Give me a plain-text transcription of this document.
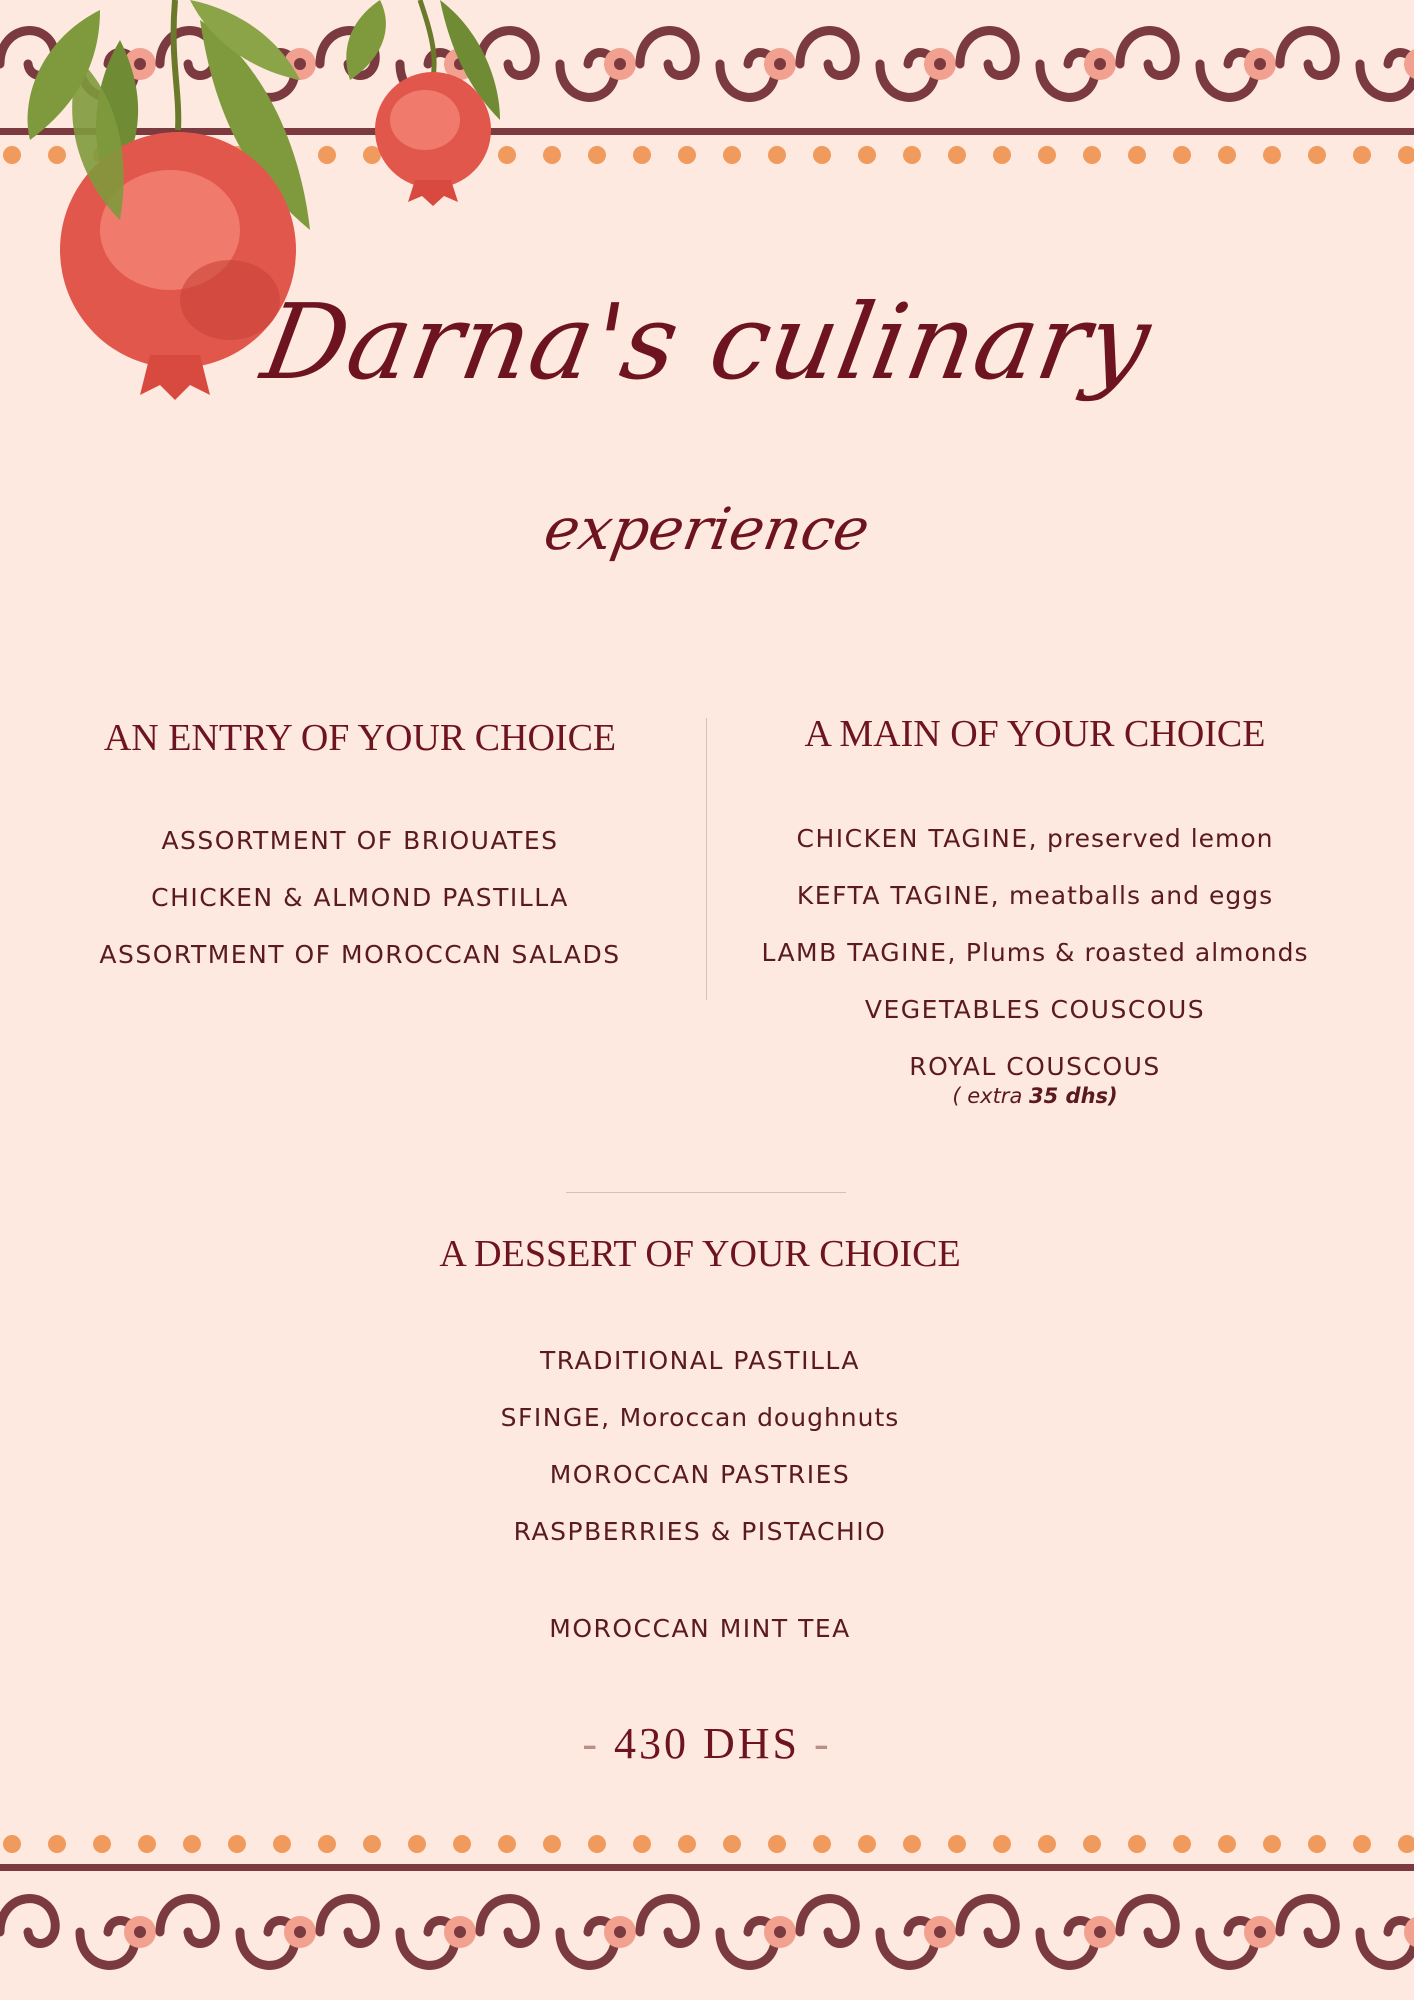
Darna's culinary
experience
AN ENTRY OF YOUR CHOICE
ASSORTMENT OF BRIOUATES
CHICKEN & ALMOND PASTILLA
ASSORTMENT OF MOROCCAN SALADS
A MAIN OF YOUR CHOICE
CHICKEN TAGINE, preserved lemon
KEFTA TAGINE, meatballs and eggs
LAMB TAGINE, Plums & roasted almonds
VEGETABLES COUSCOUS
ROYAL COUSCOUS
( extra 35 dhs)
A DESSERT OF YOUR CHOICE
TRADITIONAL PASTILLA
SFINGE, Moroccan doughnuts
MOROCCAN PASTRIES
RASPBERRIES & PISTACHIO
MOROCCAN MINT TEA
- 430 DHS -
